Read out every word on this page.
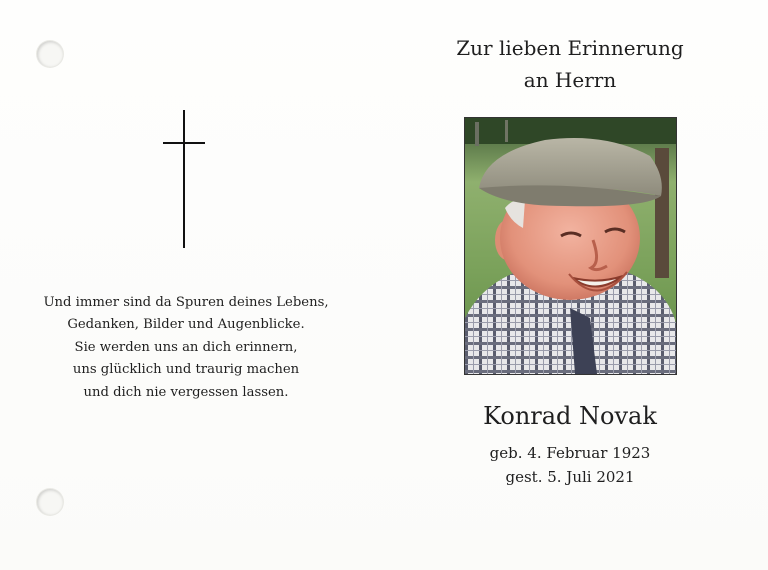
Und immer sind da Spuren deines Lebens,
Gedanken, Bilder und Augenblicke.
Sie werden uns an dich erinnern,
uns glücklich und traurig machen
und dich nie vergessen lassen.
Zur lieben Erinnerung
an Herrn
Konrad Novak
geb. 4. Februar 1923
gest. 5. Juli 2021
